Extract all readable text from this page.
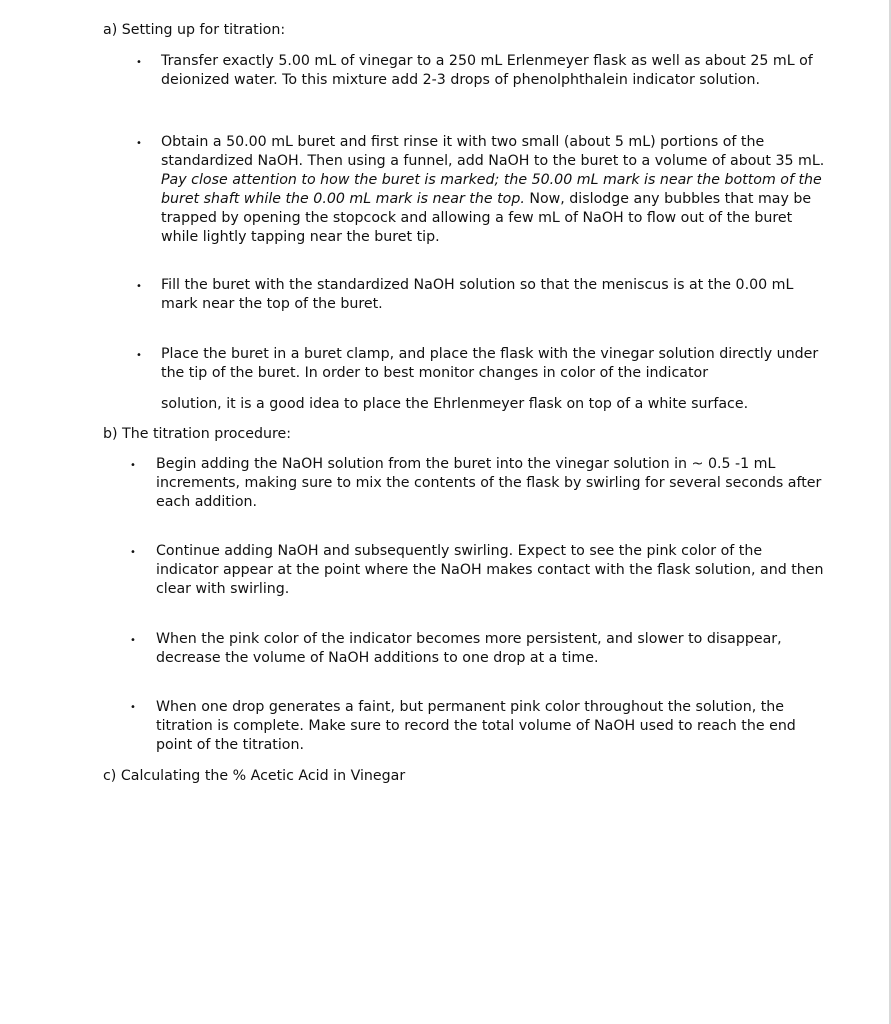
a) Setting up for titration:
• Transfer exactly 5.00 mL of vinegar to a 250 mL Erlenmeyer flask as well as about 25 mL of deionized water. To this mixture add 2-3 drops of phenolphthalein indicator solution.

• Obtain a 50.00 mL buret and first rinse it with two small (about 5 mL) portions of the standardized NaOH. Then using a funnel, add NaOH to the buret to a volume of about 35 mL. Pay close attention to how the buret is marked; the 50.00 mL mark is near the bottom of the buret shaft while the 0.00 mL mark is near the top. Now, dislodge any bubbles that may be trapped by opening the stopcock and allowing a few mL of NaOH to flow out of the buret while lightly tapping near the buret tip.

• Fill the buret with the standardized NaOH solution so that the meniscus is at the 0.00 mL mark near the top of the buret.

• Place the buret in a buret clamp, and place the flask with the vinegar solution directly under the tip of the buret. In order to best monitor changes in color of the indicator

solution, it is a good idea to place the Ehrlenmeyer flask on top of a white surface.

b) The titration procedure:
• Begin adding the NaOH solution from the buret into the vinegar solution in ~ 0.5 -1 mL increments, making sure to mix the contents of the flask by swirling for several seconds after each addition.

• Continue adding NaOH and subsequently swirling. Expect to see the pink color of the indicator appear at the point where the NaOH makes contact with the flask solution, and then clear with swirling.

• When the pink color of the indicator becomes more persistent, and slower to disappear, decrease the volume of NaOH additions to one drop at a time.

• When one drop generates a faint, but permanent pink color throughout the solution, the titration is complete. Make sure to record the total volume of NaOH used to reach the end point of the titration.

c) Calculating the % Acetic Acid in Vinegar
